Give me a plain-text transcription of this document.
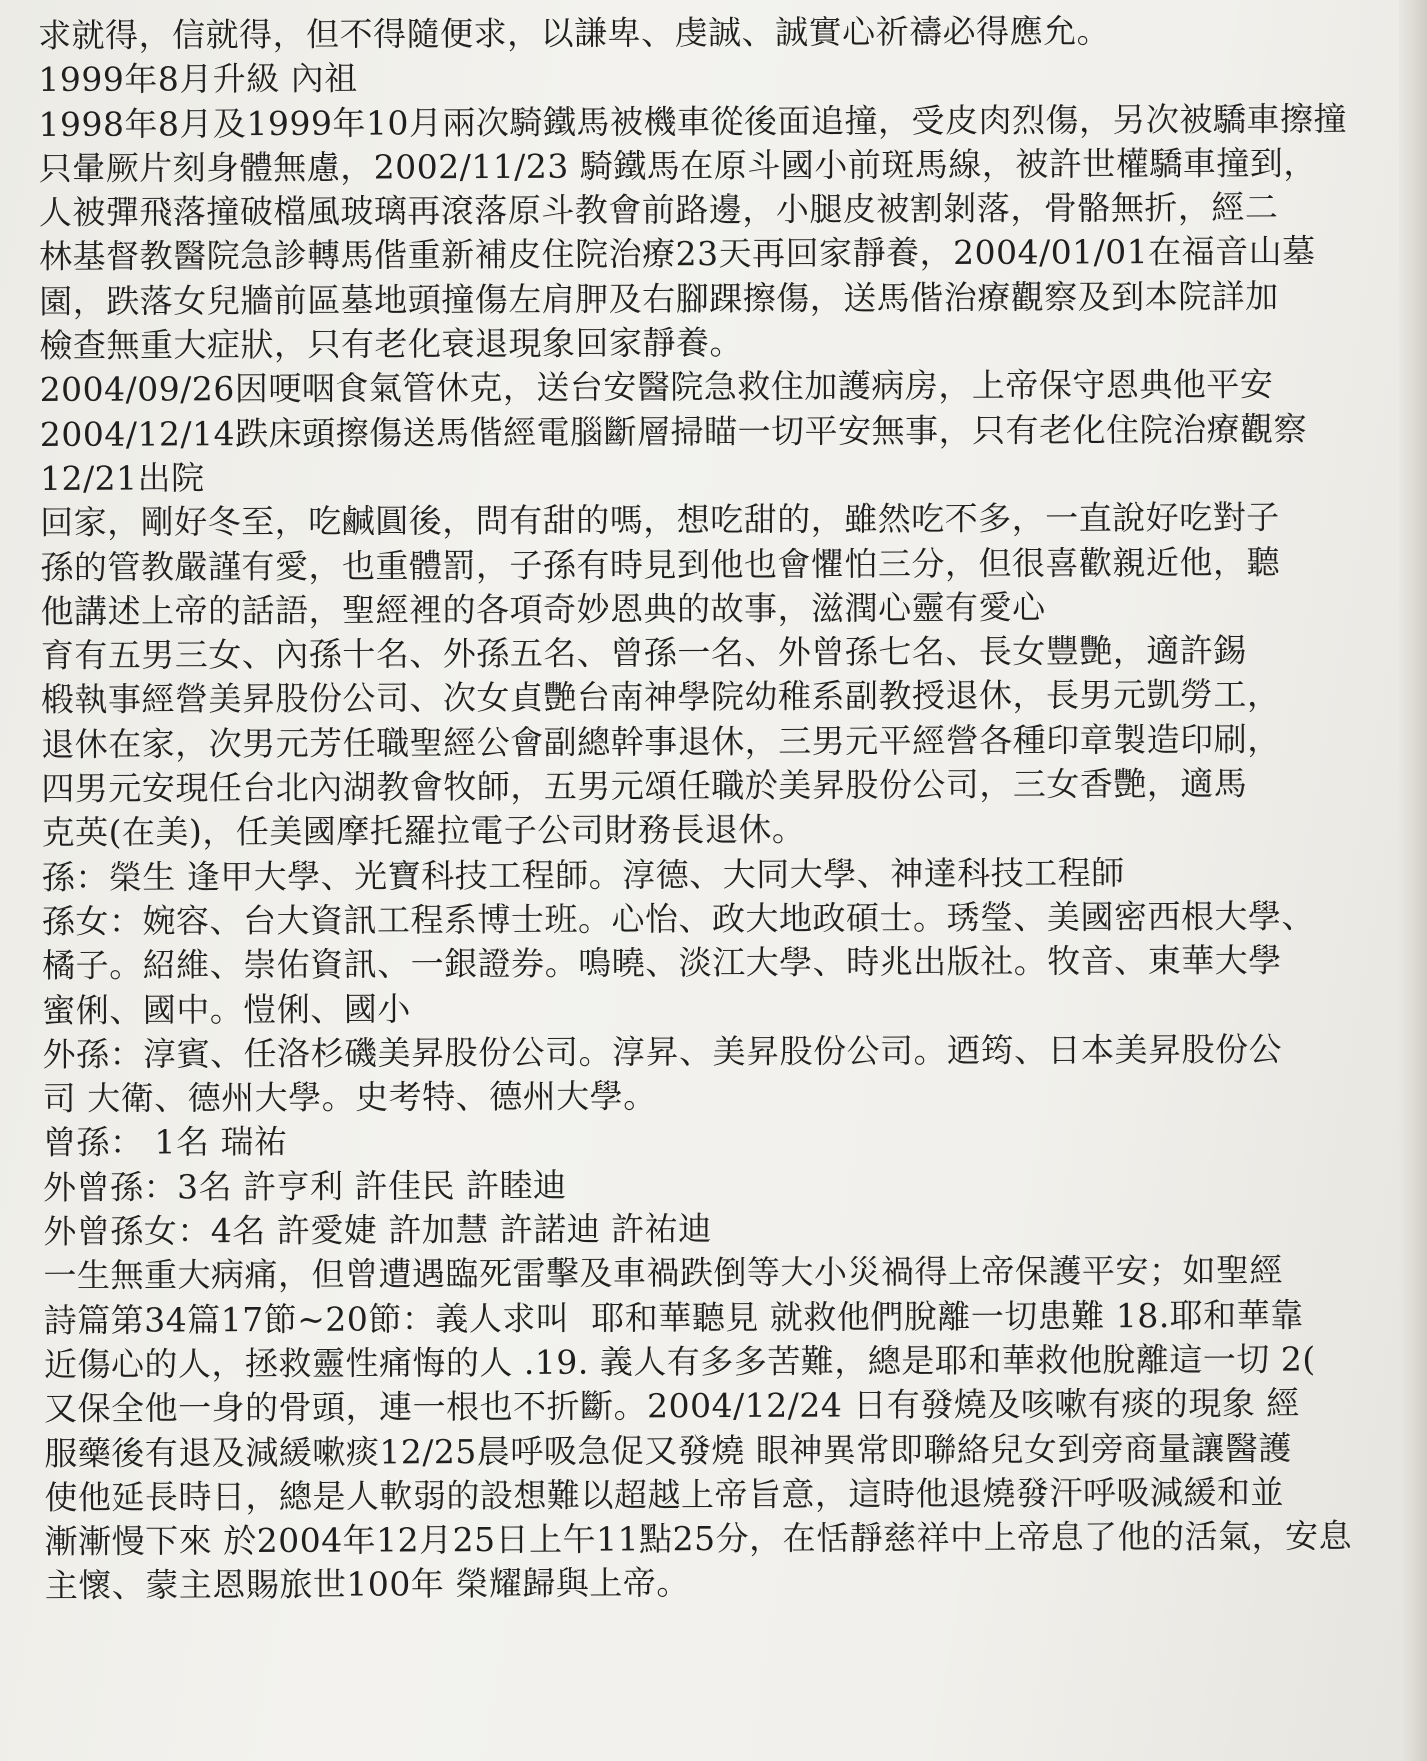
求就得，信就得，但不得隨便求，以謙卑、虔誠、誠實心祈禱必得應允。
1999年8月升級 內祖
1998年8月及1999年10月兩次騎鐵馬被機車從後面追撞，受皮肉烈傷，另次被驕車擦撞
只暈厥片刻身體無慮，2002/11/23 騎鐵馬在原斗國小前斑馬線，被許世權驕車撞到，
人被彈飛落撞破檔風玻璃再滾落原斗教會前路邊，小腿皮被割剝落，骨骼無折，經二
林基督教醫院急診轉馬偕重新補皮住院治療23天再回家靜養，2004/01/01在福音山墓
園，跌落女兒牆前區墓地頭撞傷左肩胛及右腳踝擦傷，送馬偕治療觀察及到本院詳加
檢查無重大症狀，只有老化衰退現象回家靜養。
2004/09/26因哽咽食氣管休克，送台安醫院急救住加護病房，上帝保守恩典他平安
2004/12/14跌床頭擦傷送馬偕經電腦斷層掃瞄一切平安無事，只有老化住院治療觀察
12/21出院
回家，剛好冬至，吃鹹圓後，問有甜的嗎，想吃甜的，雖然吃不多，一直說好吃對子
孫的管教嚴謹有愛，也重體罰，子孫有時見到他也會懼怕三分，但很喜歡親近他，聽
他講述上帝的話語，聖經裡的各項奇妙恩典的故事，滋潤心靈有愛心
育有五男三女、內孫十名、外孫五名、曾孫一名、外曾孫七名、長女豐艷，適許錫
椴執事經營美昇股份公司、次女貞艷台南神學院幼稚系副教授退休，長男元凱勞工，
退休在家，次男元芳任職聖經公會副總幹事退休，三男元平經營各種印章製造印刷，
四男元安現任台北內湖教會牧師，五男元頌任職於美昇股份公司，三女香艷，適馬
克英(在美)，任美國摩托羅拉電子公司財務長退休。
孫：榮生 逢甲大學、光寶科技工程師。淳德、大同大學、神達科技工程師
孫女：婉容、台大資訊工程系博士班。心怡、政大地政碩士。琇瑩、美國密西根大學、
橘子。紹維、崇佑資訊、一銀證券。鳴曉、淡江大學、時兆出版社。牧音、東華大學
蜜俐、國中。愷俐、國小
外孫：淳賓、任洛杉磯美昇股份公司。淳昇、美昇股份公司。迺筠、日本美昇股份公
司 大衛、德州大學。史考特、德州大學。
曾孫： 1名 瑞祐
外曾孫：3名 許亨利 許佳民 許睦迪
外曾孫女：4名 許愛婕 許加慧 許諾迪 許祐迪
一生無重大病痛，但曾遭遇臨死雷擊及車禍跌倒等大小災禍得上帝保護平安；如聖經
詩篇第34篇17節~20節：義人求叫  耶和華聽見 就救他們脫離一切患難 18.耶和華靠
近傷心的人，拯救靈性痛悔的人 .19. 義人有多多苦難，總是耶和華救他脫離這一切 2(
又保全他一身的骨頭，連一根也不折斷。2004/12/24 日有發燒及咳嗽有痰的現象 經
服藥後有退及減緩嗽痰12/25晨呼吸急促又發燒 眼神異常即聯絡兒女到旁商量讓醫護
使他延長時日，總是人軟弱的設想難以超越上帝旨意，這時他退燒發汗呼吸減緩和並
漸漸慢下來 於2004年12月25日上午11點25分，在恬靜慈祥中上帝息了他的活氣，安息
主懷、蒙主恩賜旅世100年 榮耀歸與上帝。
